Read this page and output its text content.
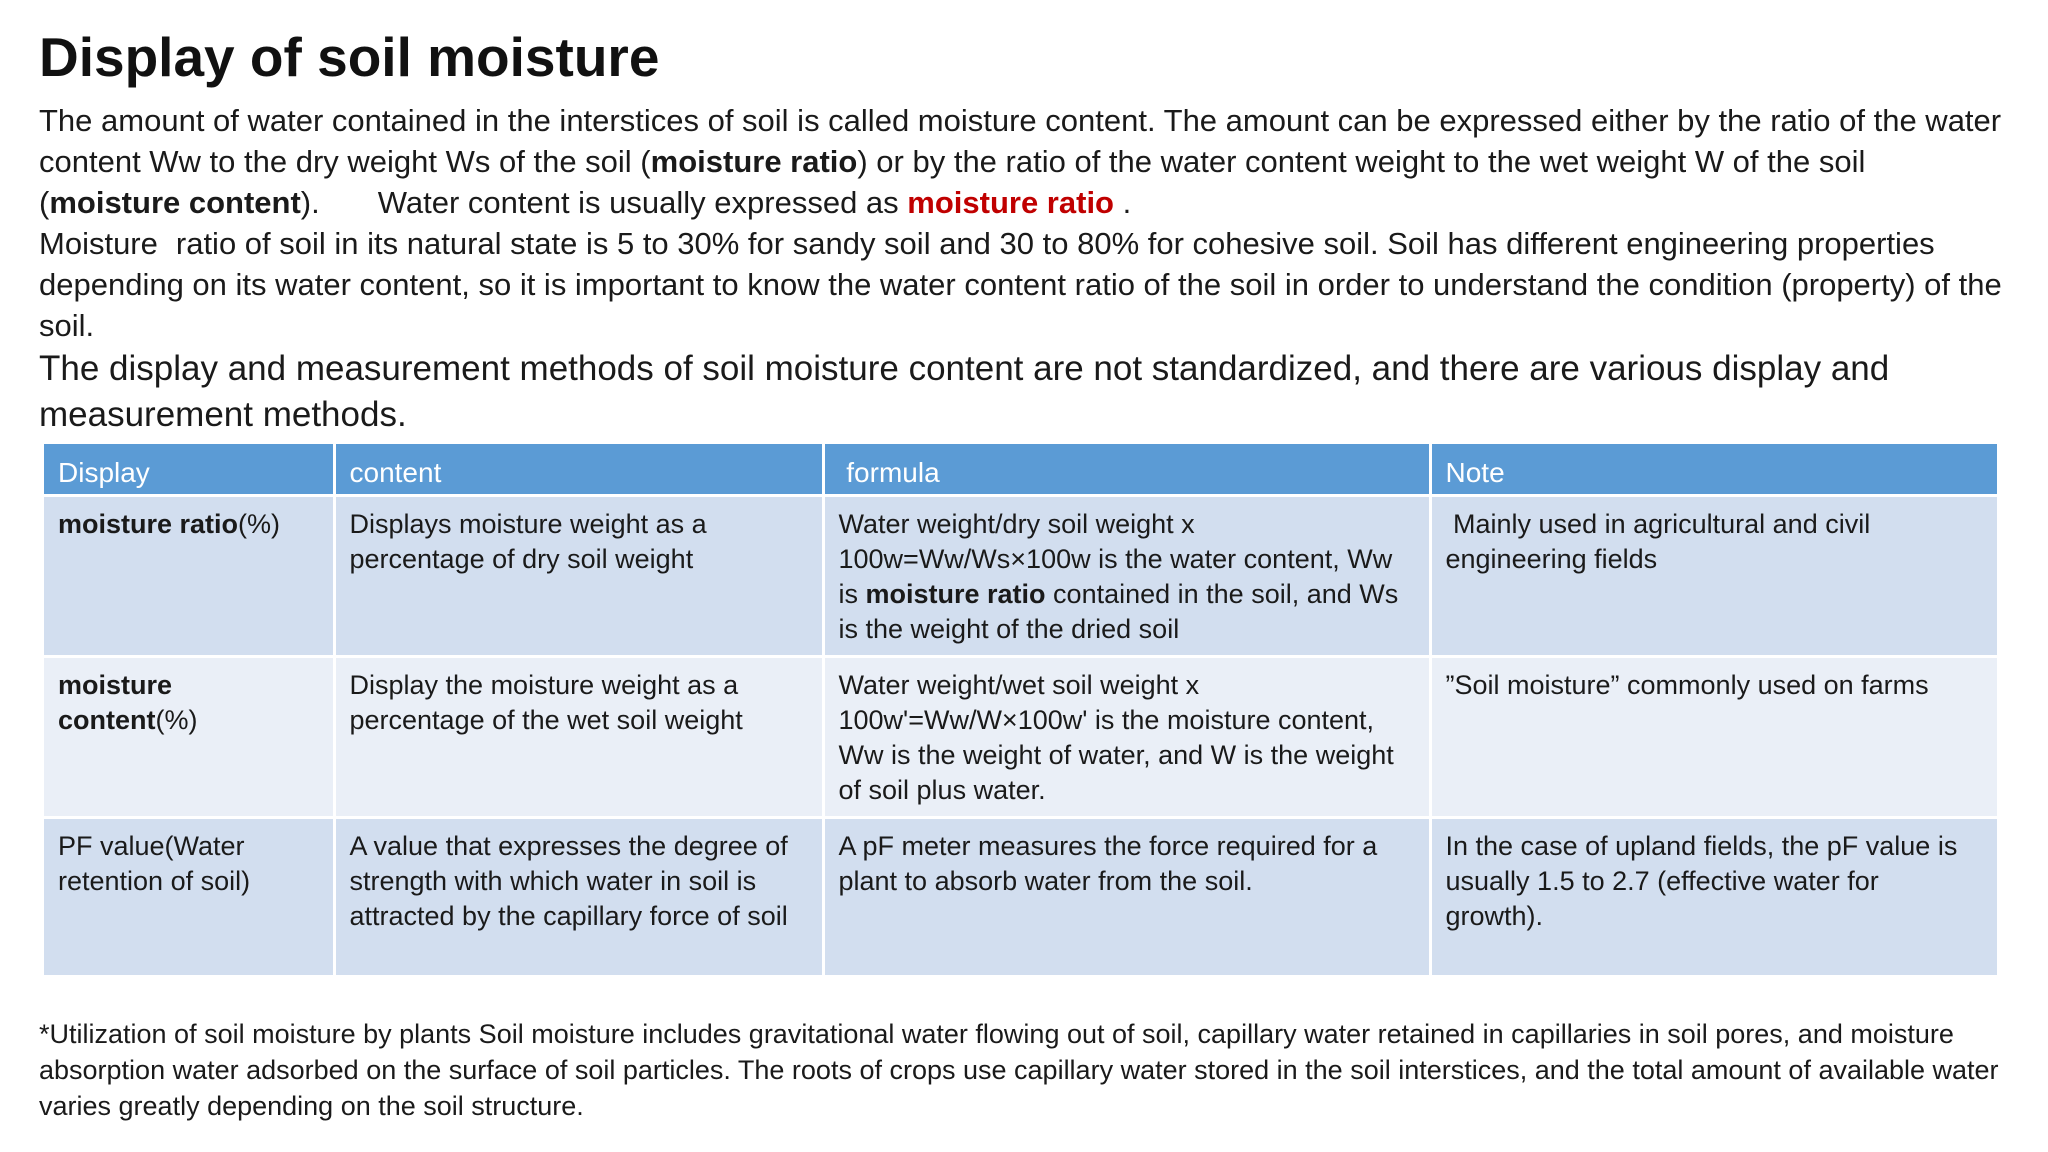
Display of soil moisture

The amount of water contained in the interstices of soil is called moisture content. The amount can be expressed either by the ratio of the water content Ww to the dry weight Ws of the soil (moisture ratio) or by the ratio of the water content weight to the wet weight W of the soil (moisture content). Water content is usually expressed as moisture ratio .

Moisture ratio of soil in its natural state is 5 to 30% for sandy soil and 30 to 80% for cohesive soil. Soil has different engineering properties depending on its water content, so it is important to know the water content ratio of the soil in order to understand the condition (property) of the soil.

The display and measurement methods of soil moisture content are not standardized, and there are various display and measurement methods.

Display	content	formula	Note
moisture ratio(%)	Displays moisture weight as a percentage of dry soil weight	Water weight/dry soil weight x 100w=Ww/Ws×100w is the water content, Ww is moisture ratio contained in the soil, and Ws is the weight of the dried soil	Mainly used in agricultural and civil engineering fields
moisture content(%)	Display the moisture weight as a percentage of the wet soil weight	Water weight/wet soil weight x 100w'=Ww/W×100w' is the moisture content, Ww is the weight of water, and W is the weight of soil plus water.	”Soil moisture” commonly used on farms
PF value(Water retention of soil)	A value that expresses the degree of strength with which water in soil is attracted by the capillary force of soil	A pF meter measures the force required for a plant to absorb water from the soil.	In the case of upland fields, the pF value is usually 1.5 to 2.7 (effective water for growth).

*Utilization of soil moisture by plants Soil moisture includes gravitational water flowing out of soil, capillary water retained in capillaries in soil pores, and moisture absorption water adsorbed on the surface of soil particles. The roots of crops use capillary water stored in the soil interstices, and the total amount of available water varies greatly depending on the soil structure.
